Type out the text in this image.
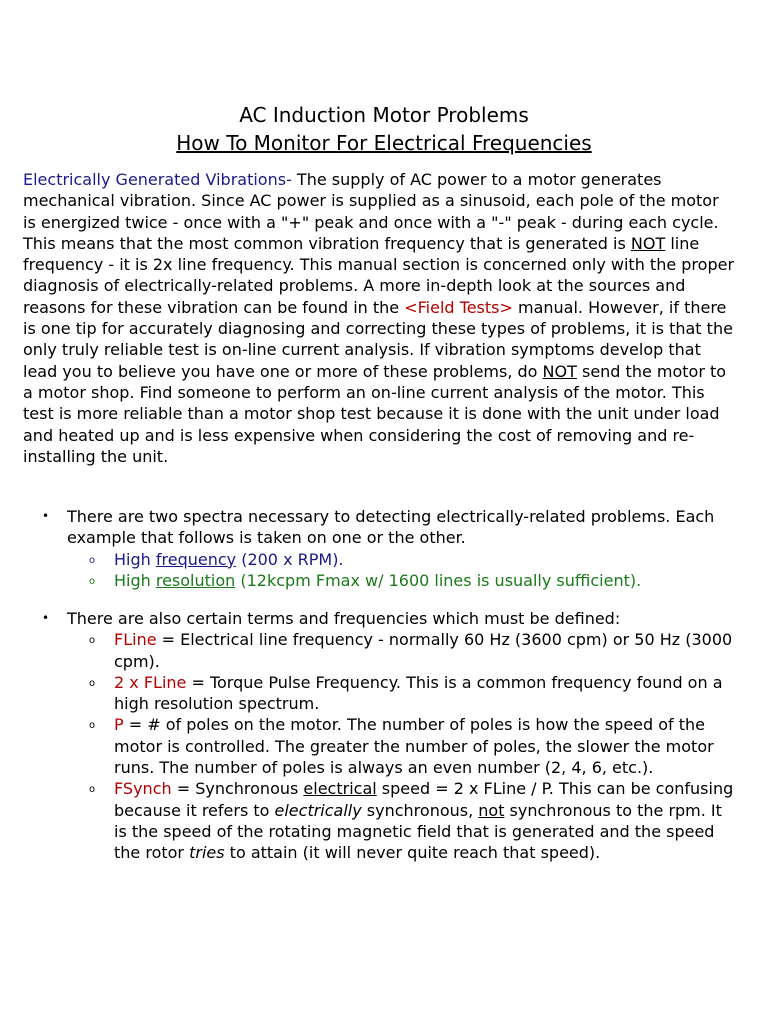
AC Induction Motor Problems
How To Monitor For Electrical Frequencies
Electrically Generated Vibrations- The supply of AC power to a motor generates mechanical vibration. Since AC power is supplied as a sinusoid, each pole of the motor is energized twice - once with a "+" peak and once with a "-" peak - during each cycle. This means that the most common vibration frequency that is generated is NOT line frequency - it is 2x line frequency. This manual section is concerned only with the proper diagnosis of electrically-related problems. A more in-depth look at the sources and reasons for these vibration can be found in the <Field Tests> manual. However, if there is one tip for accurately diagnosing and correcting these types of problems, it is that the only truly reliable test is on-line current analysis. If vibration symptoms develop that lead you to believe you have one or more of these problems, do NOT send the motor to a motor shop. Find someone to perform an on-line current analysis of the motor. This test is more reliable than a motor shop test because it is done with the unit under load and heated up and is less expensive when considering the cost of removing and re-installing the unit.
• There are two spectra necessary to detecting electrically-related problems. Each example that follows is taken on one or the other.
o High frequency (200 x RPM).
o High resolution (12kcpm Fmax w/ 1600 lines is usually sufficient).
• There are also certain terms and frequencies which must be defined:
o FLine = Electrical line frequency - normally 60 Hz (3600 cpm) or 50 Hz (3000 cpm).
o 2 x FLine = Torque Pulse Frequency. This is a common frequency found on a high resolution spectrum.
o P = # of poles on the motor. The number of poles is how the speed of the motor is controlled. The greater the number of poles, the slower the motor runs. The number of poles is always an even number (2, 4, 6, etc.).
o FSynch = Synchronous electrical speed = 2 x FLine / P. This can be confusing because it refers to electrically synchronous, not synchronous to the rpm. It is the speed of the rotating magnetic field that is generated and the speed the rotor tries to attain (it will never quite reach that speed).
